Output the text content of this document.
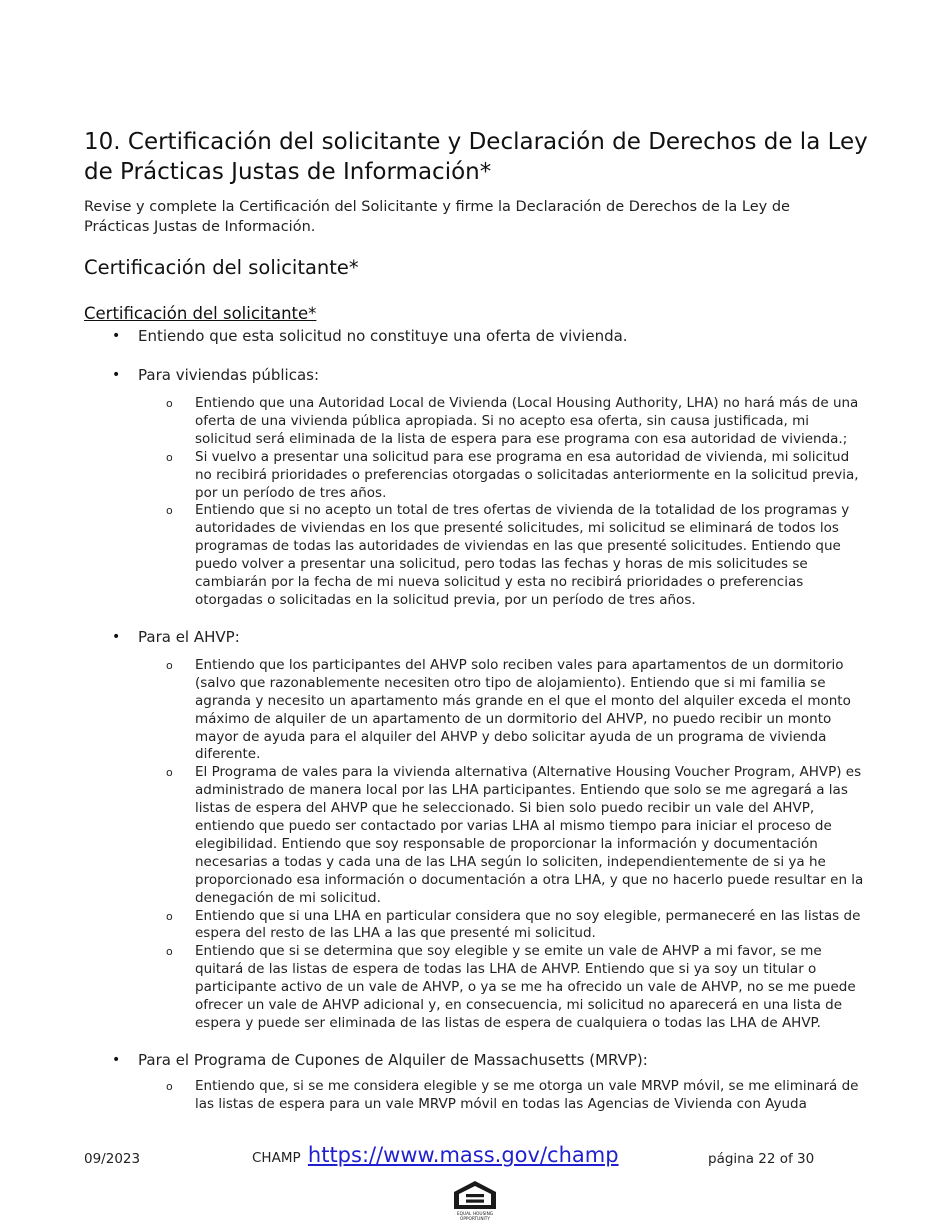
10. Certificación del solicitante y Declaración de Derechos de la Ley de Prácticas Justas de Información*

Revise y complete la Certificación del Solicitante y firme la Declaración de Derechos de la Ley de Prácticas Justas de Información.

Certificación del solicitante*
Certificación del solicitante*
• Entiendo que esta solicitud no constituye una oferta de vivienda.
• Para viviendas públicas:
o Entiendo que una Autoridad Local de Vivienda (Local Housing Authority, LHA) no hará más de una oferta de una vivienda pública apropiada. Si no acepto esa oferta, sin causa justificada, mi solicitud será eliminada de la lista de espera para ese programa con esa autoridad de vivienda.;
o Si vuelvo a presentar una solicitud para ese programa en esa autoridad de vivienda, mi solicitud no recibirá prioridades o preferencias otorgadas o solicitadas anteriormente en la solicitud previa, por un período de tres años.
o Entiendo que si no acepto un total de tres ofertas de vivienda de la totalidad de los programas y autoridades de viviendas en los que presenté solicitudes, mi solicitud se eliminará de todos los programas de todas las autoridades de viviendas en las que presenté solicitudes. Entiendo que puedo volver a presentar una solicitud, pero todas las fechas y horas de mis solicitudes se cambiarán por la fecha de mi nueva solicitud y esta no recibirá prioridades o preferencias otorgadas o solicitadas en la solicitud previa, por un período de tres años.
• Para el AHVP:
o Entiendo que los participantes del AHVP solo reciben vales para apartamentos de un dormitorio (salvo que razonablemente necesiten otro tipo de alojamiento). Entiendo que si mi familia se agranda y necesito un apartamento más grande en el que el monto del alquiler exceda el monto máximo de alquiler de un apartamento de un dormitorio del AHVP, no puedo recibir un monto mayor de ayuda para el alquiler del AHVP y debo solicitar ayuda de un programa de vivienda diferente.
o El Programa de vales para la vivienda alternativa (Alternative Housing Voucher Program, AHVP) es administrado de manera local por las LHA participantes. Entiendo que solo se me agregará a las listas de espera del AHVP que he seleccionado. Si bien solo puedo recibir un vale del AHVP, entiendo que puedo ser contactado por varias LHA al mismo tiempo para iniciar el proceso de elegibilidad. Entiendo que soy responsable de proporcionar la información y documentación necesarias a todas y cada una de las LHA según lo soliciten, independientemente de si ya he proporcionado esa información o documentación a otra LHA, y que no hacerlo puede resultar en la denegación de mi solicitud.
o Entiendo que si una LHA en particular considera que no soy elegible, permaneceré en las listas de espera del resto de las LHA a las que presenté mi solicitud.
o Entiendo que si se determina que soy elegible y se emite un vale de AHVP a mi favor, se me quitará de las listas de espera de todas las LHA de AHVP. Entiendo que si ya soy un titular o participante activo de un vale de AHVP, o ya se me ha ofrecido un vale de AHVP, no se me puede ofrecer un vale de AHVP adicional y, en consecuencia, mi solicitud no aparecerá en una lista de espera y puede ser eliminada de las listas de espera de cualquiera o todas las LHA de AHVP.
• Para el Programa de Cupones de Alquiler de Massachusetts (MRVP):
o Entiendo que, si se me considera elegible y se me otorga un vale MRVP móvil, se me eliminará de las listas de espera para un vale MRVP móvil en todas las Agencias de Vivienda con Ayuda
09/2023	CHAMP https://www.mass.gov/champ	página 22 of 30
EQUAL HOUSING
OPPORTUNITY
